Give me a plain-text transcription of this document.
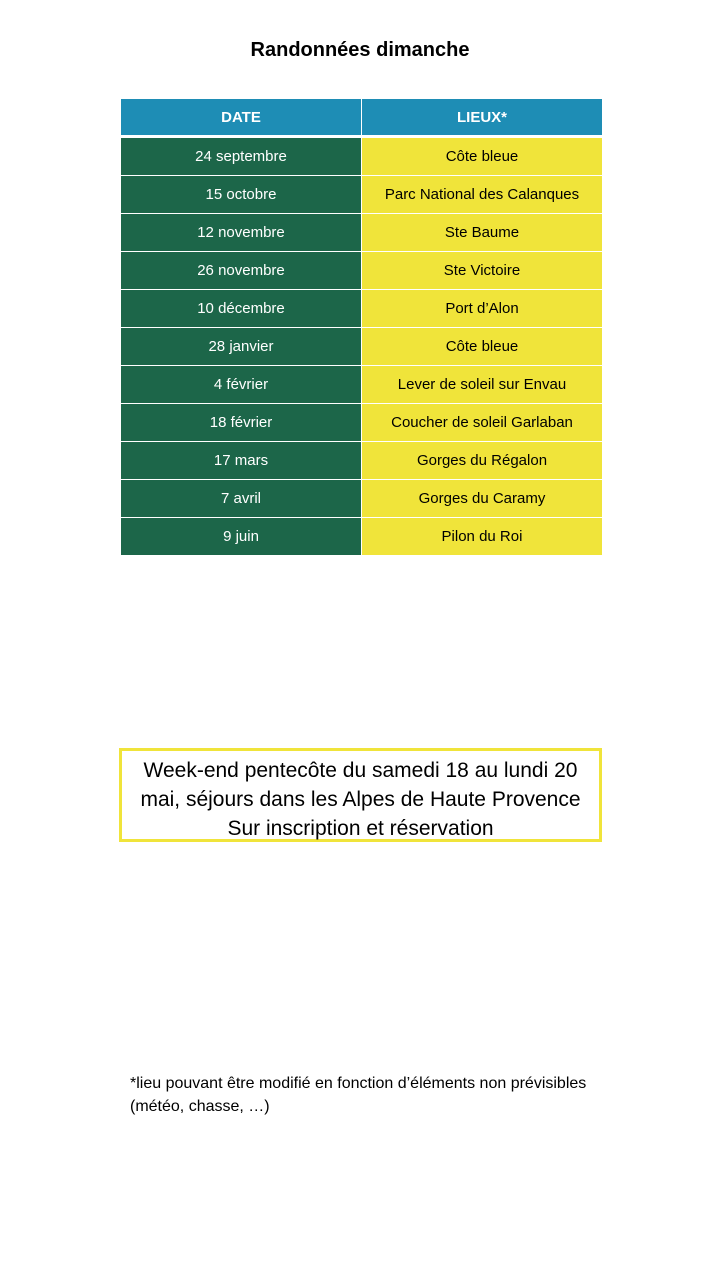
Randonnées dimanche
DATE	LIEUX*
24 septembre	Côte bleue
15 octobre	Parc National des Calanques
12 novembre	Ste Baume
26 novembre	Ste Victoire
10 décembre	Port d’Alon
28 janvier	Côte bleue
4 février	Lever de soleil sur Envau
18 février	Coucher de soleil Garlaban
17 mars	Gorges du Régalon
7 avril	Gorges du Caramy
9 juin	Pilon du Roi
Week-end pentecôte du samedi 18 au lundi 20 mai, séjours dans les Alpes de Haute Provence
Sur inscription et réservation
*lieu pouvant être modifié en fonction d’éléments non prévisibles (météo, chasse, …)
